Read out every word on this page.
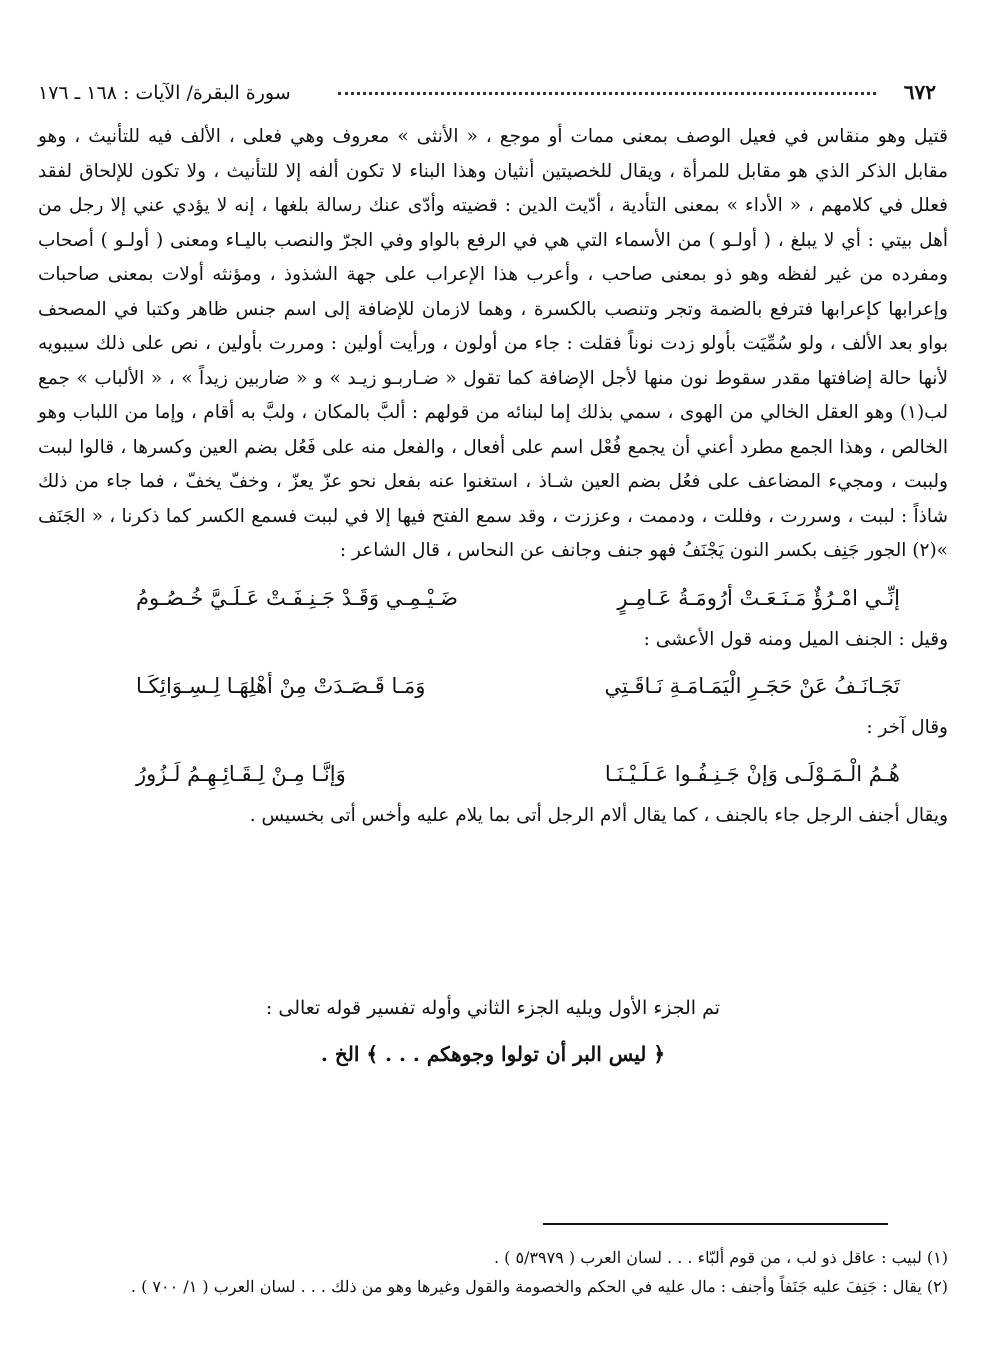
٦٧٢
سورة البقرة/ الآيات : ١٦٨ ـ ١٧٦

قتيل وهو منقاس في فعيل الوصف بمعنى ممات أو موجع ، « الأنثى » معروف وهي فعلى ، الألف فيه للتأنيث ، وهو مقابل الذكر الذي هو مقابل للمرأة ، ويقال للخصيتين أنثيان وهذا البناء لا تكون ألفه إلا للتأنيث ، ولا تكون للإلحاق لفقد فعلل في كلامهم ، « الأداء » بمعنى التأدية ، أدّيت الدين : قضيته وأدّى عنك رسالة بلغها ، إنه لا يؤدي عني إلا رجل من أهل بيتي : أي لا يبلغ ، ( أولـو ) من الأسماء التي هي في الرفع بالواو وفي الجرّ والنصب باليـاء ومعنى ( أولـو ) أصحاب ومفرده من غير لفظه وهو ذو بمعنى صاحب ، وأعرب هذا الإعراب على جهة الشذوذ ، ومؤنثه أولات بمعنى صاحبات وإعرابها كإعرابها فترفع بالضمة وتجر وتنصب بالكسرة ، وهما لازمان للإضافة إلى اسم جنس ظاهر وكتبا في المصحف بواو بعد الألف ، ولو سُمِّيَت بأولو زدت نوناً فقلت : جاء من أولون ، ورأيت أولين : ومررت بأولين ، نص على ذلك سيبويه لأنها حالة إضافتها مقدر سقوط نون منها لأجل الإضافة كما تقول « ضـاربـو زيـد » و « ضاربين زيداً » ، « الألباب » جمع لب(١) وهو العقل الخالي من الهوى ، سمي بذلك إما لبنائه من قولهم : ألبَّ بالمكان ، ولبَّ به أقام ، وإما من اللباب وهو الخالص ، وهذا الجمع مطرد أعني أن يجمع فُعْل اسم على أفعال ، والفعل منه على فَعُل بضم العين وكسرها ، قالوا لببت ولببت ، ومجيء المضاعف على فعُل بضم العين شـاذ ، استغنوا عنه بفعل نحو عزّ يعزّ ، وخفّ يخفّ ، فما جاء من ذلك شاذاً : لببت ، وسررت ، وفللت ، ودممت ، وعززت ، وقد سمع الفتح فيها إلا في لببت فسمع الكسر كما ذكرنا ، « الجَنَف »(٢) الجور جَنِف بكسر النون يَجْنَفُ فهو جنف وجانف عن النحاس ، قال الشاعر :

إنِّـي امْـرُؤٌ مَـنَـعَـتْ أرُومَـةُ عَـامِـرٍ
ضَـيْـمِـي وَقَـدْ جَـنِـفَـتْ عَـلَـيَّ خُـصُـومُ

وقيل : الجنف الميل ومنه قول الأعشى :

تَجَـانَـفُ عَنْ حَجَـرِ الْيَمَـامَـةِ نَـاقَـتِي
وَمَـا قَـصَـدَتْ مِنْ أهْلِهَـا لِـسِـوَائِكَـا

وقال آخر :

هُـمُ الْـمَـوْلَـى وَإنْ جَـنِـفُـوا عَـلَـيْـنَـا
وَإنَّـا مِـنْ لِـقَـائِـهِـمُ لَـزُورُ

ويقال أجنف الرجل جاء بالجنف ، كما يقال ألام الرجل أتى بما يلام عليه وأخس أتى بخسيس .

تم الجزء الأول ويليه الجزء الثاني وأوله تفسير قوله تعالى :
﴿ ليس البر أن تولوا وجوهكم . . . ﴾ الخ .

(١) لبيب : عاقل ذو لب ، من قوم ألبّاء . . . لسان العرب ( ٥/٣٩٧٩ ) .

(٢) يقال : جَنِفَ عليه جَنَفاً وأجنف : مال عليه في الحكم والخصومة والقول وغيرها وهو من ذلك . . . لسان العرب ( ١/ ٧٠٠ ) .
